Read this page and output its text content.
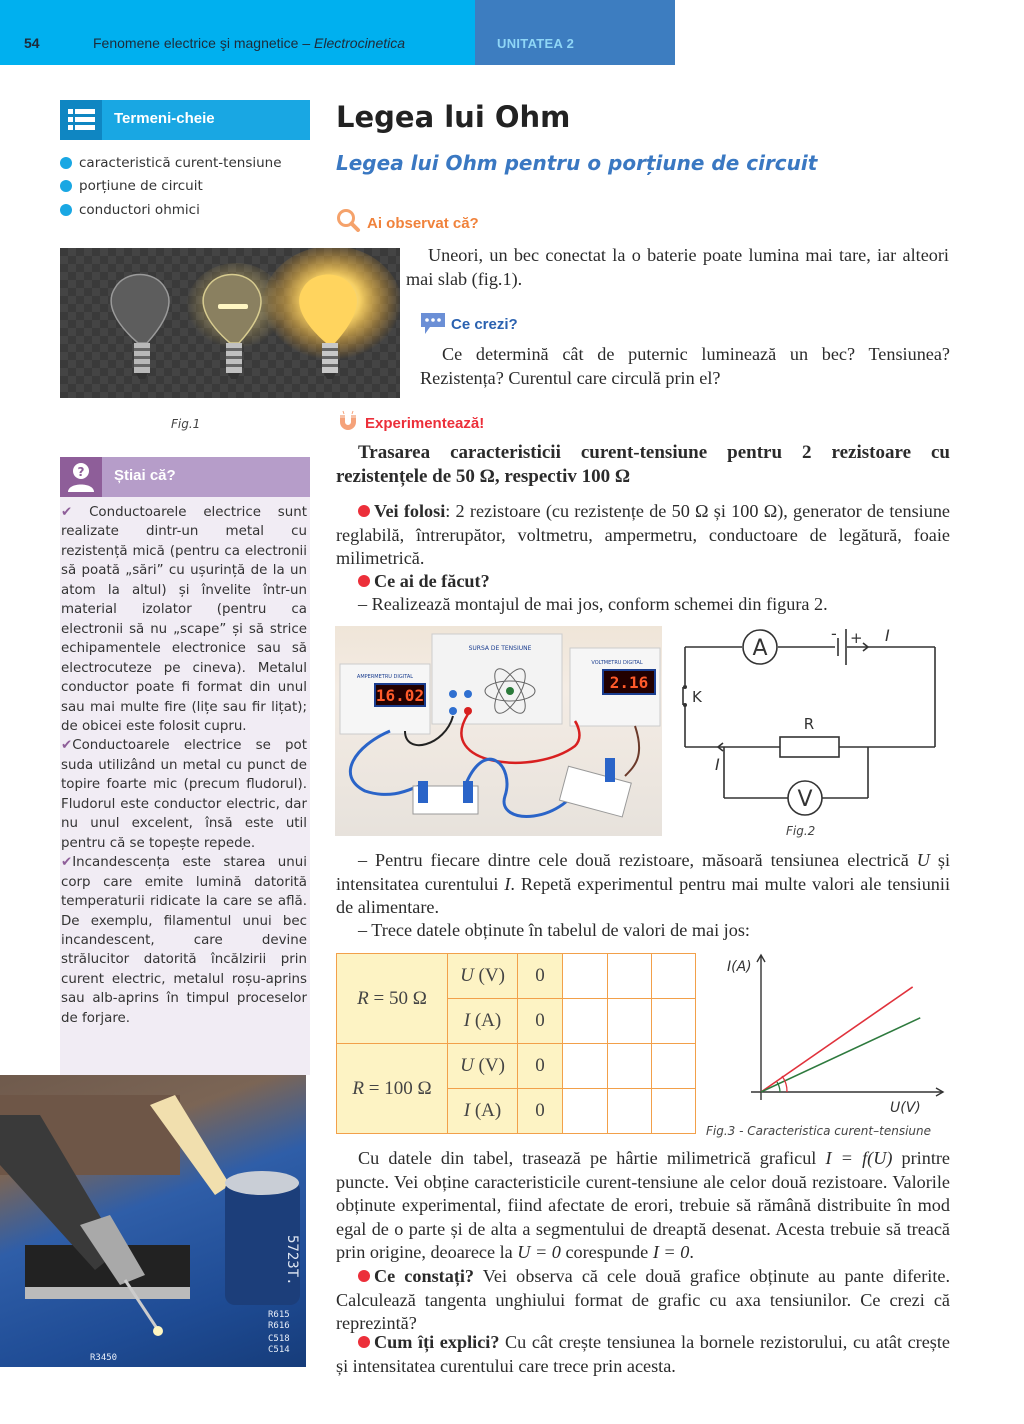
54	Fenomene electrice şi magnetice – Electrocinetica	UNITATEA 2
Termeni-cheie
caracteristică curent-tensiune
porțiune de circuit
conductori ohmici
Legea lui Ohm
Legea lui Ohm pentru o porțiune de circuit
Ai observat că?

Uneori, un bec conectat la o baterie poate lumina mai tare, iar alteori mai slab (fig.1).

Fig.1
Ce crezi?

Ce determină cât de puternic luminează un bec? Tensiunea? Rezistența? Curentul care circulă prin el?

Experimentează!

Trasarea caracteristicii curent-tensiune pentru 2 rezistoare cu rezistențele de 50 Ω, respectiv 100 Ω

Vei folosi: 2 rezistoare (cu rezistențe de 50 Ω și 100 Ω), generator de tensiune reglabilă, întrerupător, voltmetru, ampermetru, conductoare de legătură, foaie milimetrică.

Ce ai de făcut?

– Realizează montajul de mai jos, conform schemei din figura 2.

AMPERMETRU DIGITAL
16.02
SURSA DE TENSIUNE
VOLTMETRU DIGITAL
2.16
A
V
- + I
R
K
I
Fig.2

– Pentru fiecare dintre cele două rezistoare, măsoară tensiunea electrică U și intensitatea curentului I. Repetă experimentul pentru mai multe valori ale tensiunii de alimentare.

– Trece datele obținute în tabelul de valori de mai jos:

R = 50 Ω	U (V)	0			
	I (A)	0			
R = 100 Ω	U (V)	0			
	I (A)	0			
I(A)
U(V)
Fig.3 - Caracteristica curent–tensiune

Cu datele din tabel, trasează pe hârtie milimetrică graficul I = f(U) printre puncte. Vei obține caracteristicile curent-tensiune ale celor două rezistoare. Valorile obținute experimental, fiind afectate de erori, trebuie să rămână distribuite în mod egal de o parte și de alta a segmentului de dreaptă desenat. Acesta trebuie să treacă prin origine, deoarece la U = 0 corespunde I = 0.

Ce constați? Vei observa că cele două grafice obținute au pante diferite. Calculează tangenta unghiului format de grafic cu axa tensiunilor. Ce crezi că reprezintă?

Cum îți explici? Cu cât crește tensiunea la bornele rezistorului, cu atât crește și intensitatea curentului care trece prin acesta.

? Știai că?

✔ Conductoarele electrice sunt realizate dintr-un metal cu rezistență mică (pentru ca electronii să poată „sări” cu ușurință de la un atom la altul) și învelite într-un material izolator (pentru ca electronii să nu „scape” și să strice echipamentele electronice sau să electrocuteze pe cineva). Metalul conductor poate fi format din unul sau mai multe fire (lițe sau fir lițat); de obicei este folosit cupru.

✔Conductoarele electrice se pot suda utilizând un metal cu punct de topire foarte mic (precum fludorul). Fludorul este conductor electric, dar nu unul excelent, însă este util pentru că se topește repede.

✔Incandescența este starea unui corp care emite lumină datorită temperaturii ridicate la care se află. De exemplu, filamentul unui bec incandescent, care devine strălucitor datorită încălzirii prin curent electric, metalul roșu-aprins sau alb-aprins în timpul proceselor de forjare.

5723T.
R615
R616
C518
C514
R3450
